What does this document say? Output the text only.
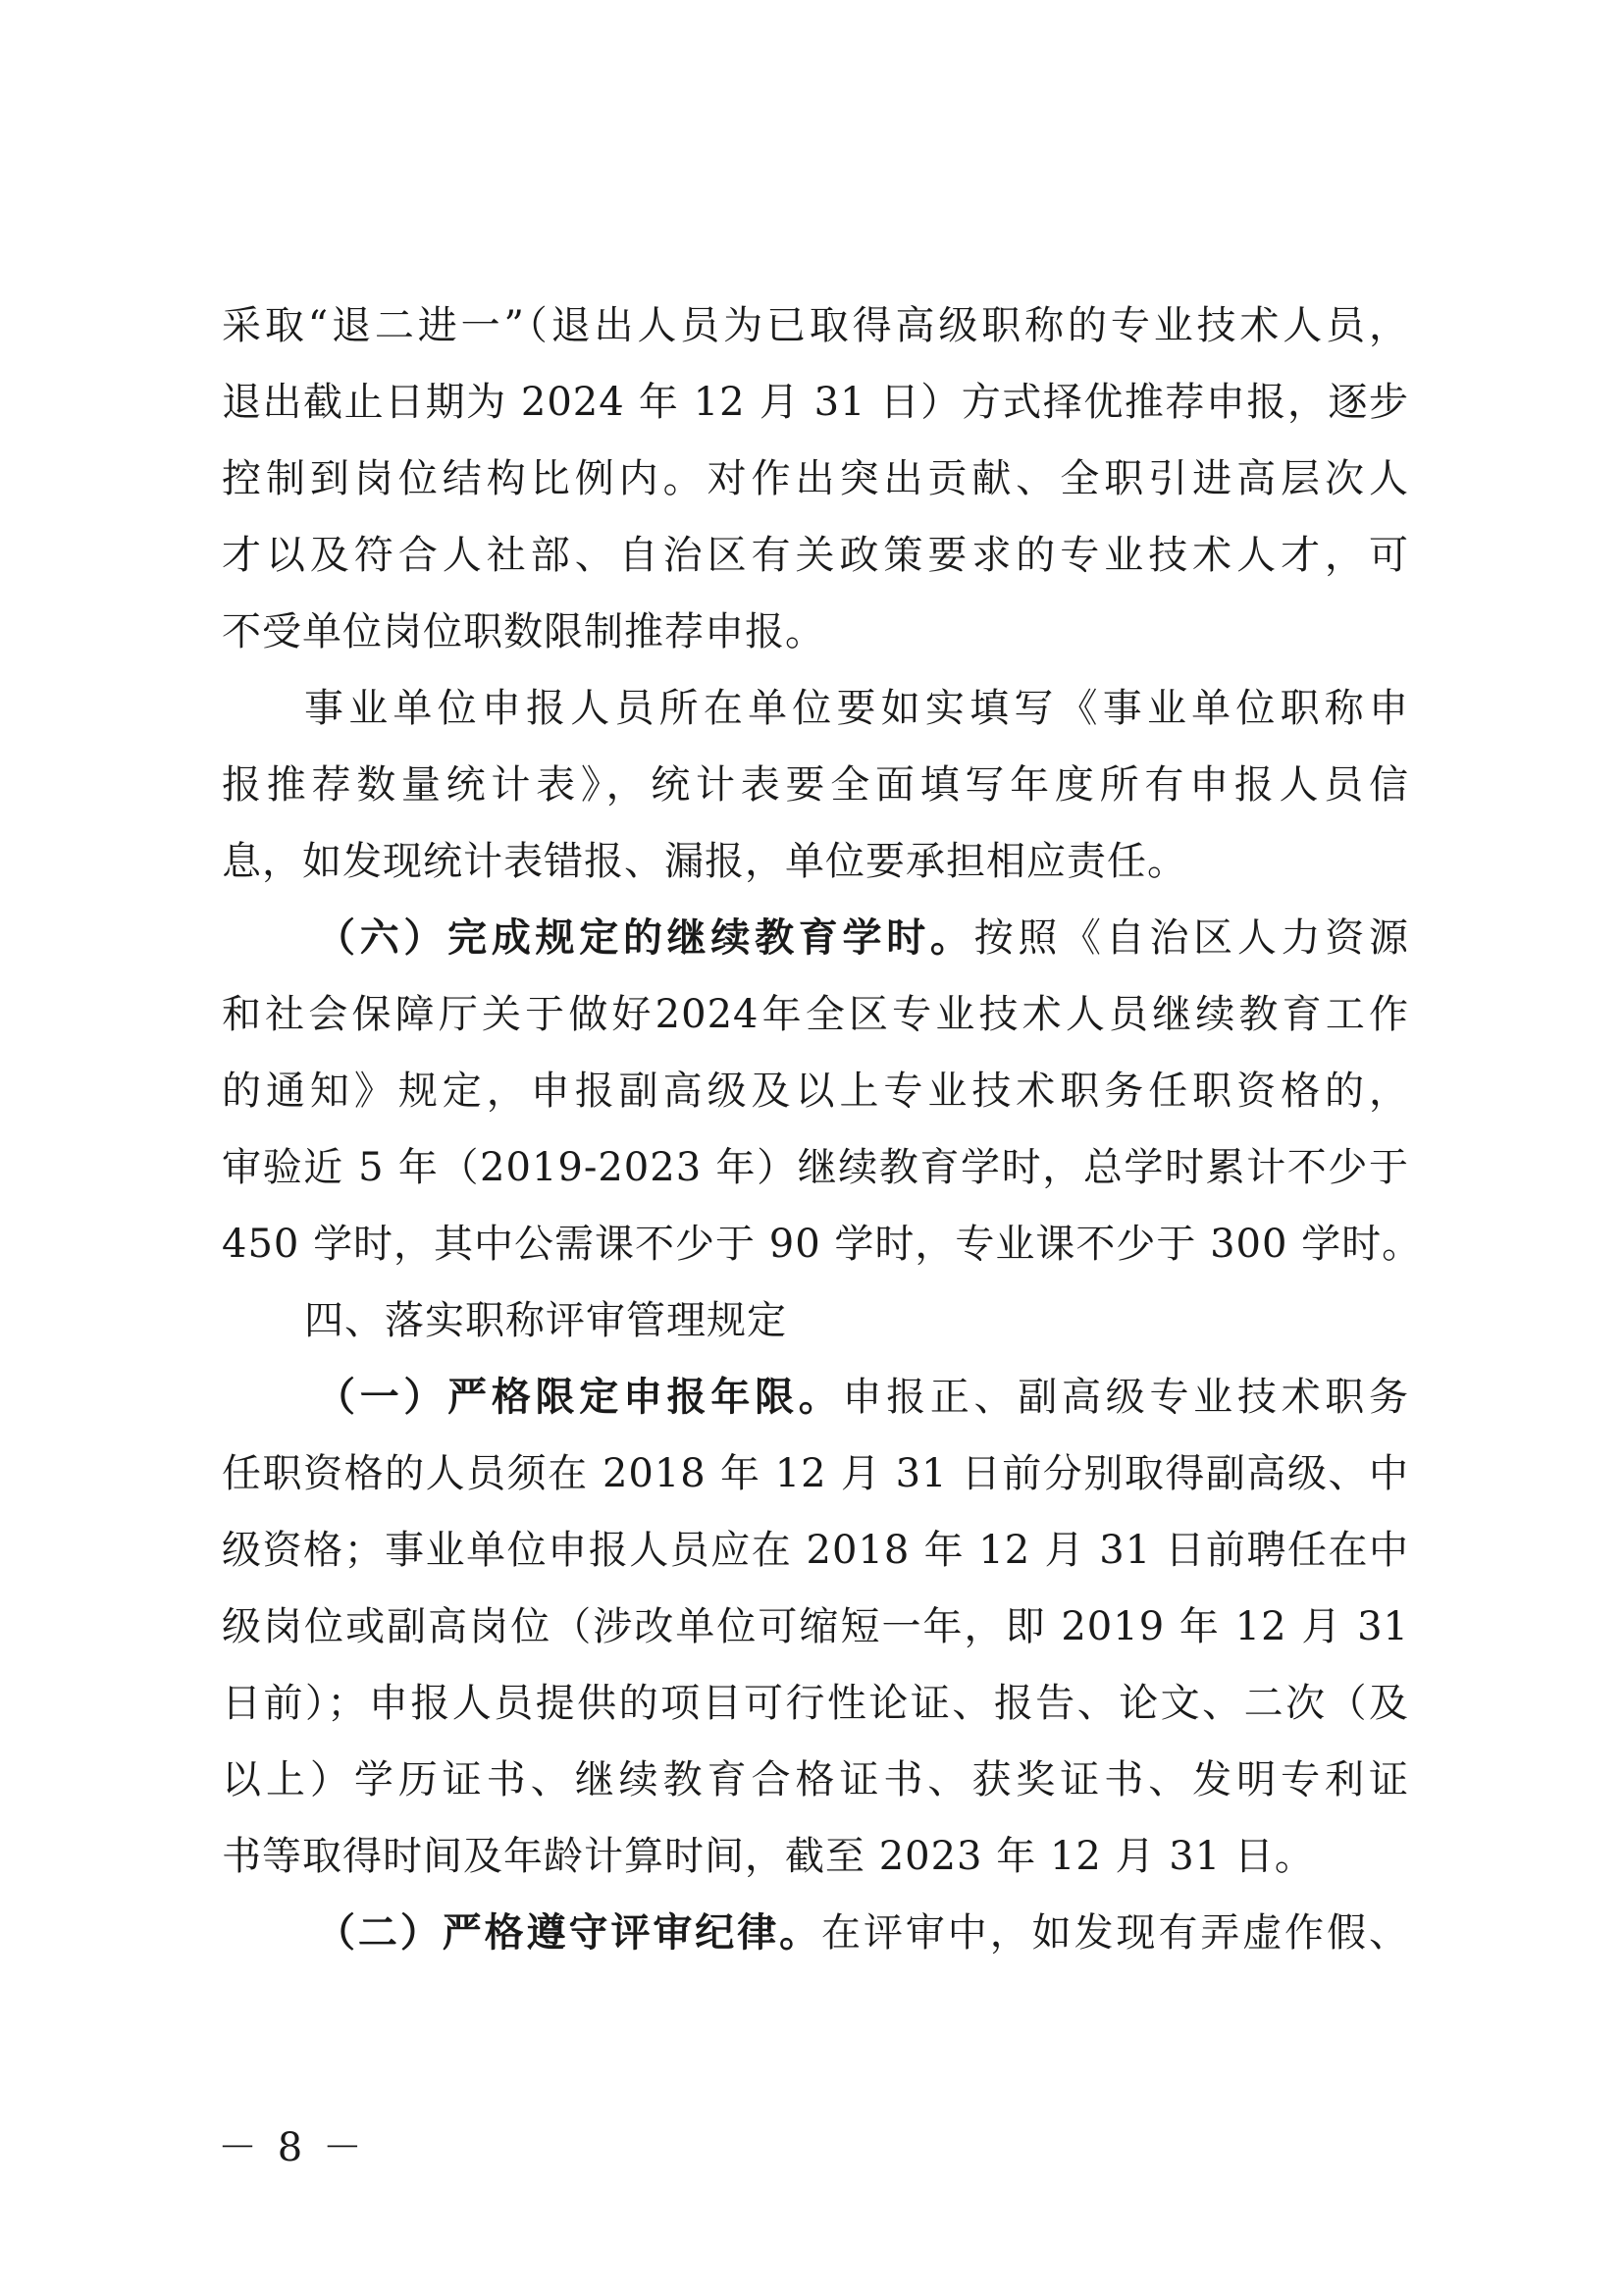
采取“退二进一”（退出人员为已取得高级职称的专业技术人员，
退出截止日期为 2024 年 12 月 31 日）方式择优推荐申报，逐步
控制到岗位结构比例内。对作出突出贡献、全职引进高层次人
才以及符合人社部、自治区有关政策要求的专业技术人才，可
不受单位岗位职数限制推荐申报。
事业单位申报人员所在单位要如实填写《事业单位职称申
报推荐数量统计表》，统计表要全面填写年度所有申报人员信
息，如发现统计表错报、漏报，单位要承担相应责任。
（六）完成规定的继续教育学时。按照《自治区人力资源
和社会保障厅关于做好2024年全区专业技术人员继续教育工作
的通知》规定，申报副高级及以上专业技术职务任职资格的，
审验近 5 年（2019-2023 年）继续教育学时，总学时累计不少于
450 学时，其中公需课不少于 90 学时，专业课不少于 300 学时。
四、落实职称评审管理规定
（一）严格限定申报年限。申报正、副高级专业技术职务
任职资格的人员须在 2018 年 12 月 31 日前分别取得副高级、中
级资格；事业单位申报人员应在 2018 年 12 月 31 日前聘任在中
级岗位或副高岗位（涉改单位可缩短一年，即 2019 年 12 月 31
日前）；申报人员提供的项目可行性论证、报告、论文、二次（及
以上）学历证书、继续教育合格证书、获奖证书、发明专利证
书等取得时间及年龄计算时间，截至 2023 年 12 月 31 日。
（二）严格遵守评审纪律。在评审中，如发现有弄虚作假、
－ 8 －
